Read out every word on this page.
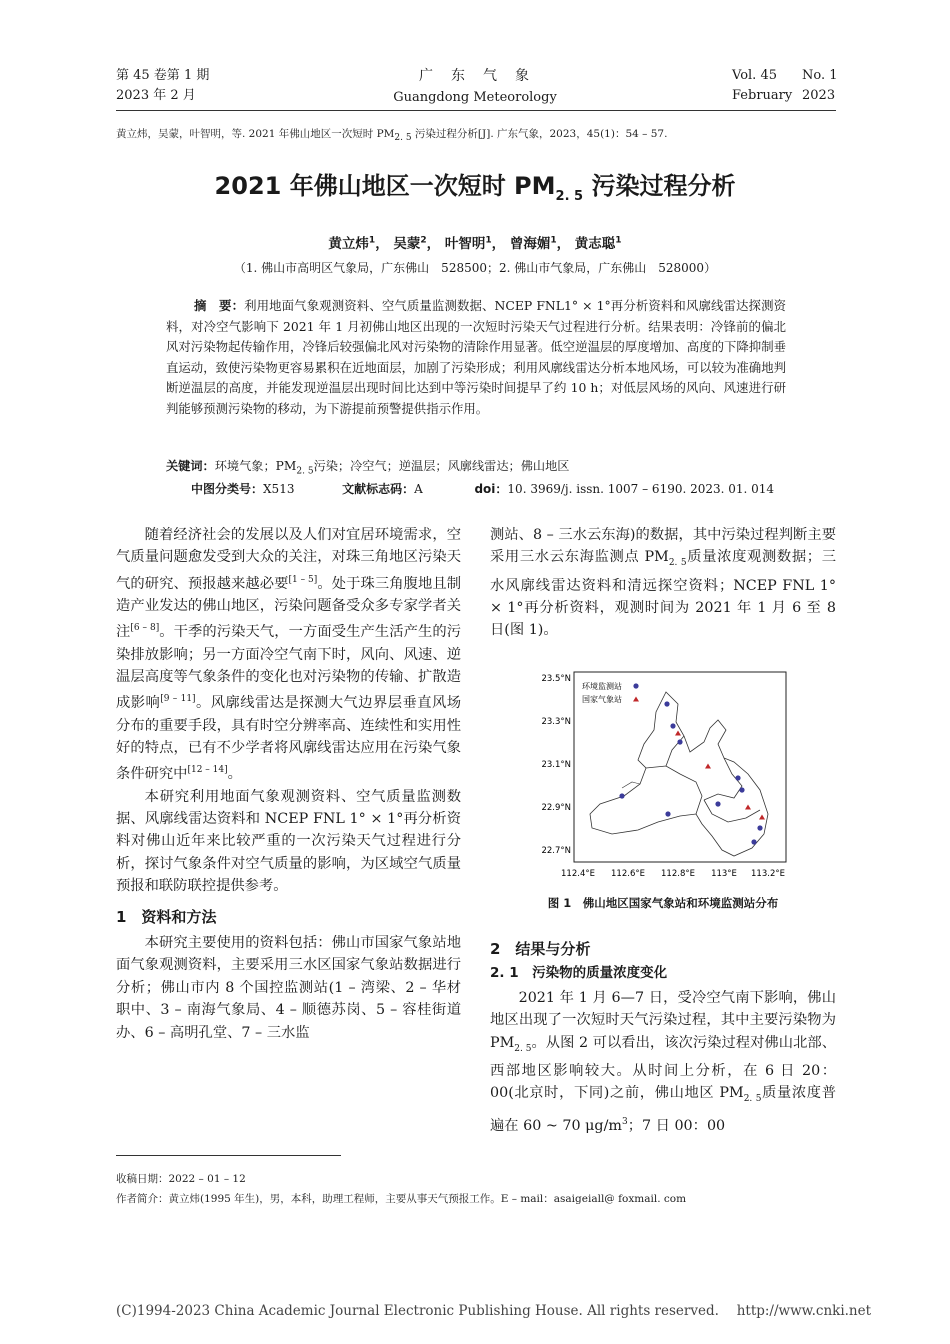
第 45 卷第 1 期
2023 年 2 月
广　东　气　象
Guangdong Meteorology
Vol. 45 No. 1
February 2023
黄立炜，吴蒙，叶智明，等. 2021 年佛山地区一次短时 $PM_{2. 5}$ 污染过程分析[J]. 广东气象，2023，45(1)：54 – 57.
2021 年佛山地区一次短时 $PM_{2. 5}$ 污染过程分析
黄立炜$^1$， 吴蒙$^2$， 叶智明$^1$， 曾海媚$^1$， 黄志聪$^1$
（1. 佛山市高明区气象局，广东佛山　528500；2. 佛山市气象局，广东佛山　528000）
摘　要：利用地面气象观测资料、空气质量监测数据、NCEP FNL1° × 1°再分析资料和风廓线雷达探测资料，对冷空气影响下 2021 年 1 月初佛山地区出现的一次短时污染天气过程进行分析。结果表明：冷锋前的偏北风对污染物起传输作用，冷锋后较强偏北风对污染物的清除作用显著。低空逆温层的厚度增加、高度的下降抑制垂直运动，致使污染物更容易累积在近地面层，加剧了污染形成；利用风廓线雷达分析本地风场，可以较为准确地判断逆温层的高度，并能发现逆温层出现时间比达到中等污染时间提早了约 10 h；对低层风场的风向、风速进行研判能够预测污染物的移动，为下游提前预警提供指示作用。
关键词：环境气象；$PM_{2. 5}$污染；冷空气；逆温层；风廓线雷达；佛山地区
中图分类号：X513	文献标志码：A	doi：10. 3969/j. issn. 1007 – 6190. 2023. 01. 014

随着经济社会的发展以及人们对宜居环境需求，空气质量问题愈发受到大众的关注，对珠三角地区污染天气的研究、预报越来越必要[1 – 5]。处于珠三角腹地且制造产业发达的佛山地区，污染问题备受众多专家学者关注[6 – 8]。干季的污染天气，一方面受生产生活产生的污染排放影响；另一方面冷空气南下时，风向、风速、逆温层高度等气象条件的变化也对污染物的传输、扩散造成影响[9 – 11]。风廓线雷达是探测大气边界层垂直风场分布的重要手段，具有时空分辨率高、连续性和实用性好的特点，已有不少学者将风廓线雷达应用在污染气象条件研究中[12 – 14]。

本研究利用地面气象观测资料、空气质量监测数据、风廓线雷达资料和 NCEP FNL 1° × 1°再分析资料对佛山近年来比较严重的一次污染天气过程进行分析，探讨气象条件对空气质量的影响，为区域空气质量预报和联防联控提供参考。

1　资料和方法

本研究主要使用的资料包括：佛山市国家气象站地面气象观测资料，主要采用三水区国家气象站数据进行分析；佛山市内 8 个国控监测站(1 – 湾梁、2 – 华材职中、3 – 南海气象局、4 – 顺德苏岗、5 – 容桂街道办、6 – 高明孔堂、7 – 三水监

测站、8 – 三水云东海)的数据，其中污染过程判断主要采用三水云东海监测点 $PM_{2. 5}$质量浓度观测数据；三水风廓线雷达资料和清远探空资料；NCEP FNL 1° × 1°再分析资料，观测时间为 2021 年 1 月 6 至 8 日(图 1)。

23.5°N
23.3°N
23.1°N
22.9°N
22.7°N
112.4°E 112.6°E 112.8°E 113°E 113.2°E
环境监测站
国家气象站
图 1　佛山地区国家气象站和环境监测站分布
2　结果与分析
2. 1　污染物的质量浓度变化

2021 年 1 月 6—7 日，受冷空气南下影响，佛山地区出现了一次短时天气污染过程，其中主要污染物为 $PM_{2. 5}$。从图 2 可以看出，该次污染过程对佛山北部、西部地区影响较大。从时间上分析，在 6 日 20：00(北京时，下同)之前，佛山地区 $PM_{2. 5}$质量浓度普遍在 60 ~ 70 $\mu g/m^3$；7 日 00：00

收稿日期：2022 – 01 – 12
作者简介：黄立炜(1995 年生)，男，本科，助理工程师，主要从事天气预报工作。E – mail：asaigeiall@ foxmail. com
(C)1994-2023 China Academic Journal Electronic Publishing House. All rights reserved.　 http://www.cnki.net
